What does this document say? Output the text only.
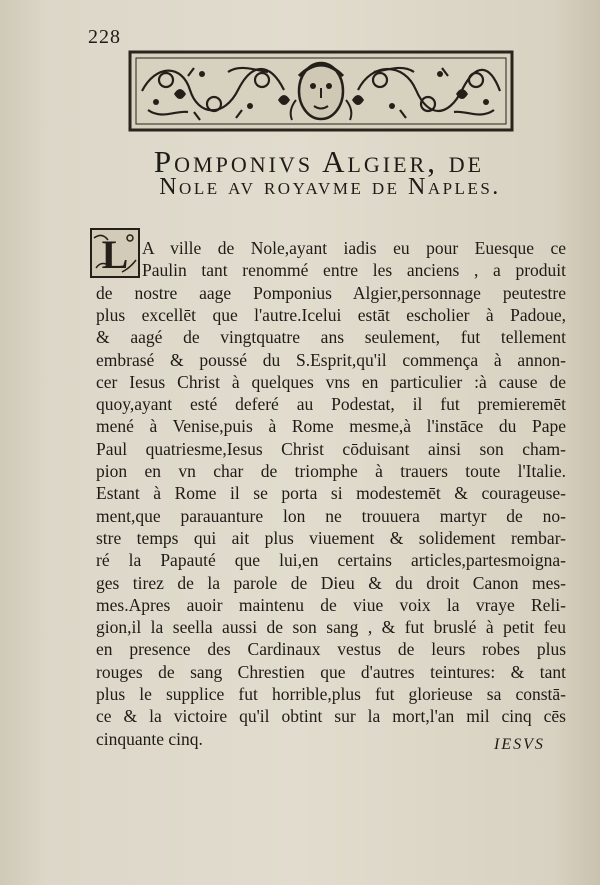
228
Pomponivs Algier, de
Nole av royavme de Naples.
L A ville de Nole,ayant iadis eu pour Euesque ce
Paulin tant renommé entre les anciens , a produit
de nostre aage Pomponius Algier,personnage peutestre
plus excellēt que l'autre.Icelui estāt escholier à Padoue,
& aagé de vingtquatre ans seulement, fut tellement
embrasé & poussé du S.Esprit,qu'il commença à annon-
cer Iesus Christ à quelques vns en particulier :à cause de
quoy,ayant esté deferé au Podestat, il fut premieremēt
mené à Venise,puis à Rome mesme,à l'instāce du Pape
Paul quatriesme,Iesus Christ cōduisant ainsi son cham-
pion en vn char de triomphe à trauers toute l'Italie.
Estant à Rome il se porta si modestemēt & courageuse-
ment,que parauanture lon ne trouuera martyr de no-
stre temps qui ait plus viuement & solidement rembar-
ré la Papauté que lui,en certains articles,partesmoigna-
ges tirez de la parole de Dieu & du droit Canon mes-
mes.Apres auoir maintenu de viue voix la vraye Reli-
gion,il la seella aussi de son sang , & fut bruslé à petit feu
en presence des Cardinaux vestus de leurs robes plus
rouges de sang Chrestien que d'autres teintures: & tant
plus le supplice fut horrible,plus fut glorieuse sa constā-
ce & la victoire qu'il obtint sur la mort,l'an mil cinq cēs
cinquante cinq.	IESVS
